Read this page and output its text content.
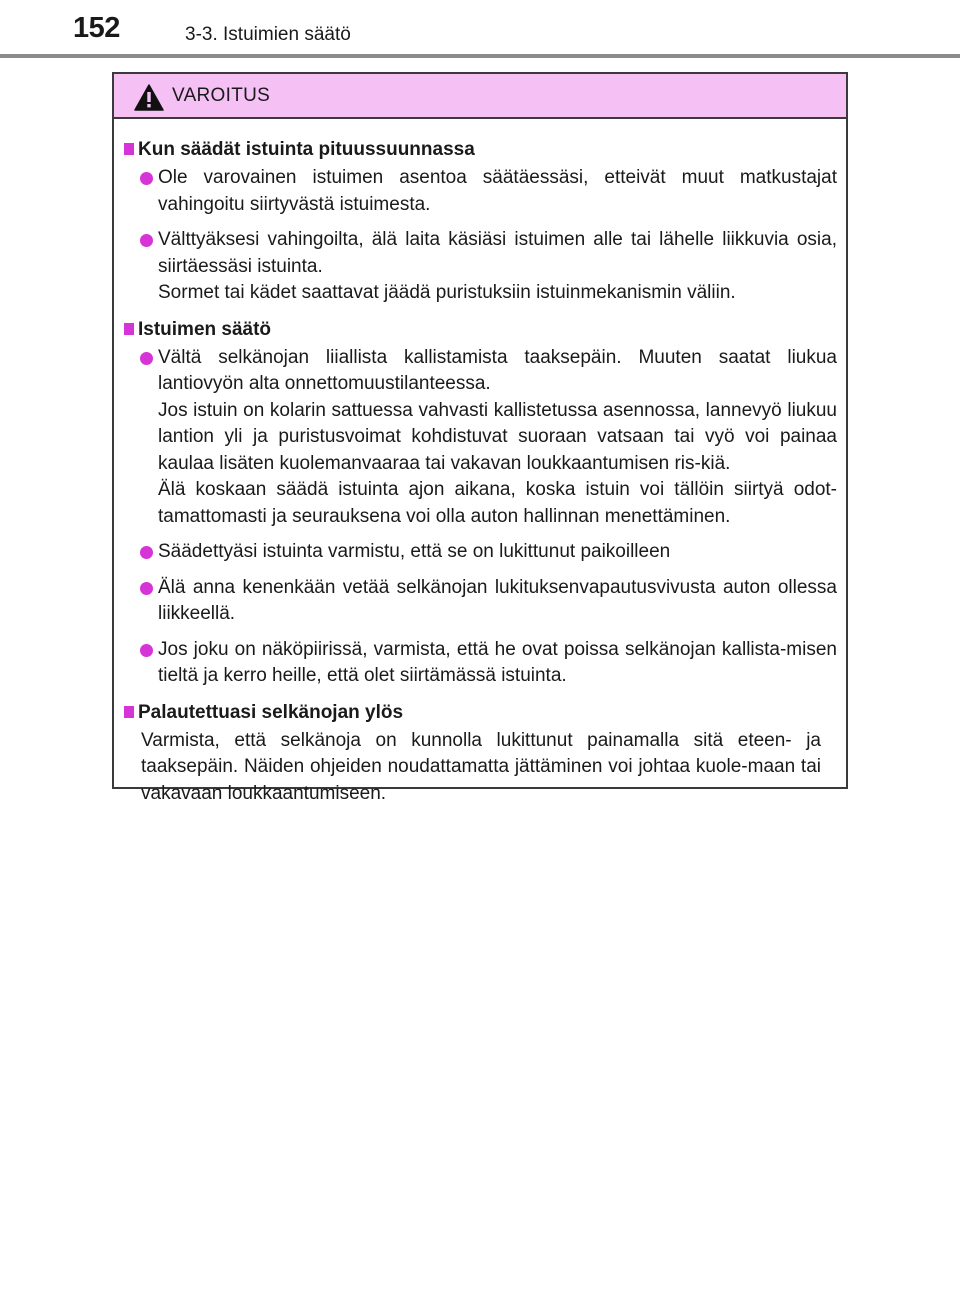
152	3-3. Istuimien säätö
VAROITUS
Kun säädät istuinta pituussuunnassa

Ole varovainen istuimen asentoa säätäessäsi, etteivät muut matkustajat vahingoitu siirtyvästä istuimesta.

Välttyäksesi vahingoilta, älä laita käsiäsi istuimen alle tai lähelle liikkuvia osia, siirtäessäsi istuinta.

Sormet tai kädet saattavat jäädä puristuksiin istuinmekanismin väliin.

Istuimen säätö

Vältä selkänojan liiallista kallistamista taaksepäin. Muuten saatat liukua lantiovyön alta onnettomuustilanteessa.

Jos istuin on kolarin sattuessa vahvasti kallistetussa asennossa, lannevyö liukuu lantion yli ja puristusvoimat kohdistuvat suoraan vatsaan tai vyö voi painaa kaulaa lisäten kuolemanvaaraa tai vakavan loukkaantumisen ris-kiä.

Älä koskaan säädä istuinta ajon aikana, koska istuin voi tällöin siirtyä odot-tamattomasti ja seurauksena voi olla auton hallinnan menettäminen.

Säädettyäsi istuinta varmistu, että se on lukittunut paikoilleen

Älä anna kenenkään vetää selkänojan lukituksenvapautusvivusta auton ollessa liikkeellä.

Jos joku on näköpiirissä, varmista, että he ovat poissa selkänojan kallista-misen tieltä ja kerro heille, että olet siirtämässä istuinta.

Palautettuasi selkänojan ylös

Varmista, että selkänoja on kunnolla lukittunut painamalla sitä eteen- ja taaksepäin. Näiden ohjeiden noudattamatta jättäminen voi johtaa kuole-maan tai vakavaan loukkaantumiseen.
